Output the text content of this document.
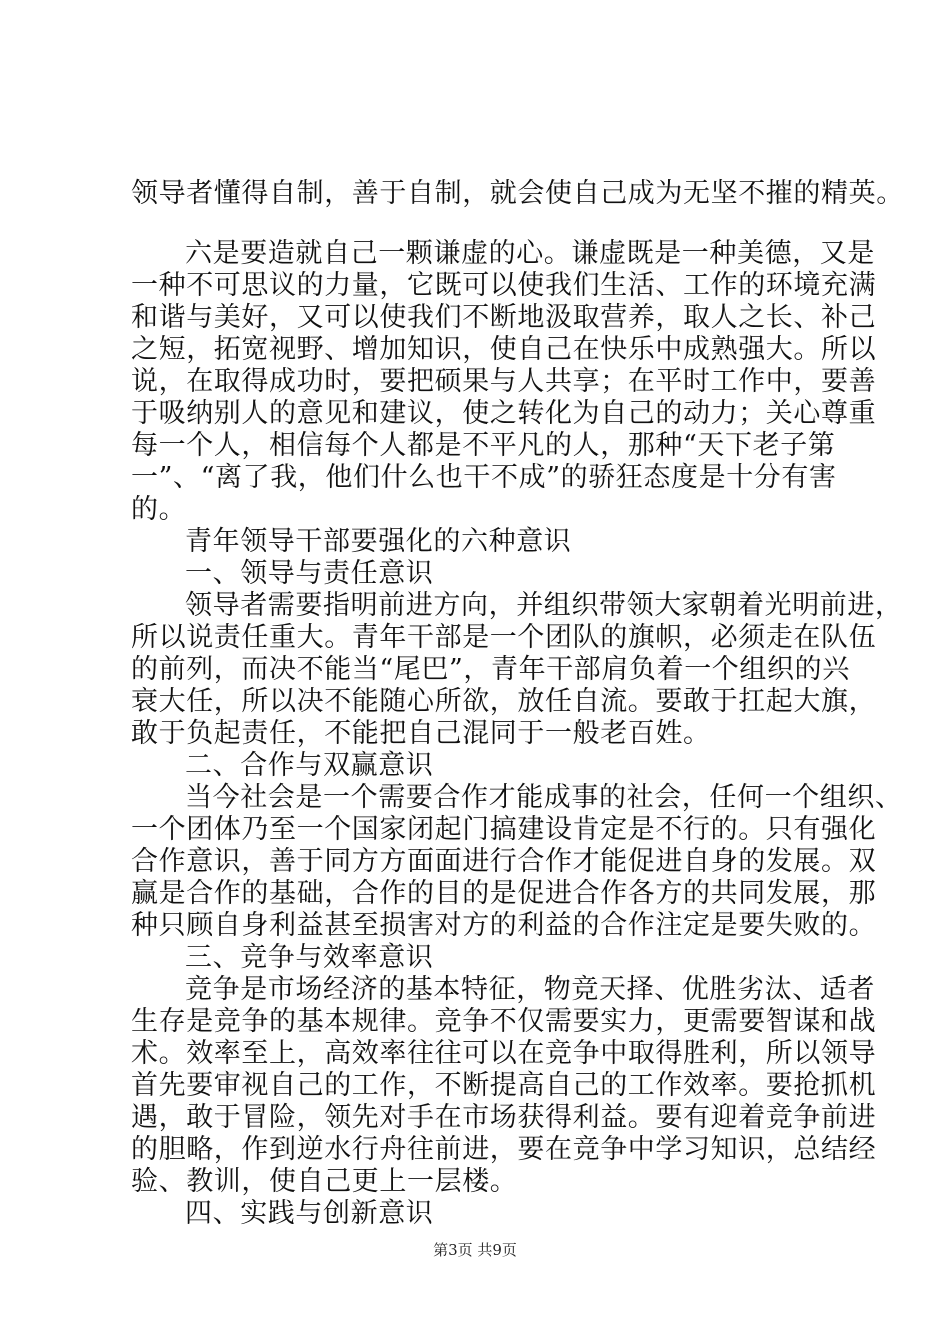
领导者懂得自制，善于自制，就会使自己成为无坚不摧的精英。
六是要造就自己一颗谦虚的心。谦虚既是一种美德，又是
一种不可思议的力量，它既可以使我们生活、工作的环境充满
和谐与美好，又可以使我们不断地汲取营养，取人之长、补己
之短，拓宽视野、增加知识，使自己在快乐中成熟强大。所以
说，在取得成功时，要把硕果与人共享；在平时工作中，要善
于吸纳别人的意见和建议，使之转化为自己的动力；关心尊重
每一个人，相信每个人都是不平凡的人，那种“天下老子第
一”、“离了我，他们什么也干不成”的骄狂态度是十分有害
的。
青年领导干部要强化的六种意识
一、领导与责任意识
领导者需要指明前进方向，并组织带领大家朝着光明前进，
所以说责任重大。青年干部是一个团队的旗帜，必须走在队伍
的前列，而决不能当“尾巴”，青年干部肩负着一个组织的兴
衰大任，所以决不能随心所欲，放任自流。要敢于扛起大旗，
敢于负起责任，不能把自己混同于一般老百姓。
二、合作与双赢意识
当今社会是一个需要合作才能成事的社会，任何一个组织、
一个团体乃至一个国家闭起门搞建设肯定是不行的。只有强化
合作意识，善于同方方面面进行合作才能促进自身的发展。双
赢是合作的基础，合作的目的是促进合作各方的共同发展，那
种只顾自身利益甚至损害对方的利益的合作注定是要失败的。
三、竞争与效率意识
竞争是市场经济的基本特征，物竞天择、优胜劣汰、适者
生存是竞争的基本规律。竞争不仅需要实力，更需要智谋和战
术。效率至上，高效率往往可以在竞争中取得胜利，所以领导
首先要审视自己的工作，不断提高自己的工作效率。要抢抓机
遇，敢于冒险，领先对手在市场获得利益。要有迎着竞争前进
的胆略，作到逆水行舟往前进，要在竞争中学习知识，总结经
验、教训，使自己更上一层楼。
四、实践与创新意识
第3页 共9页
